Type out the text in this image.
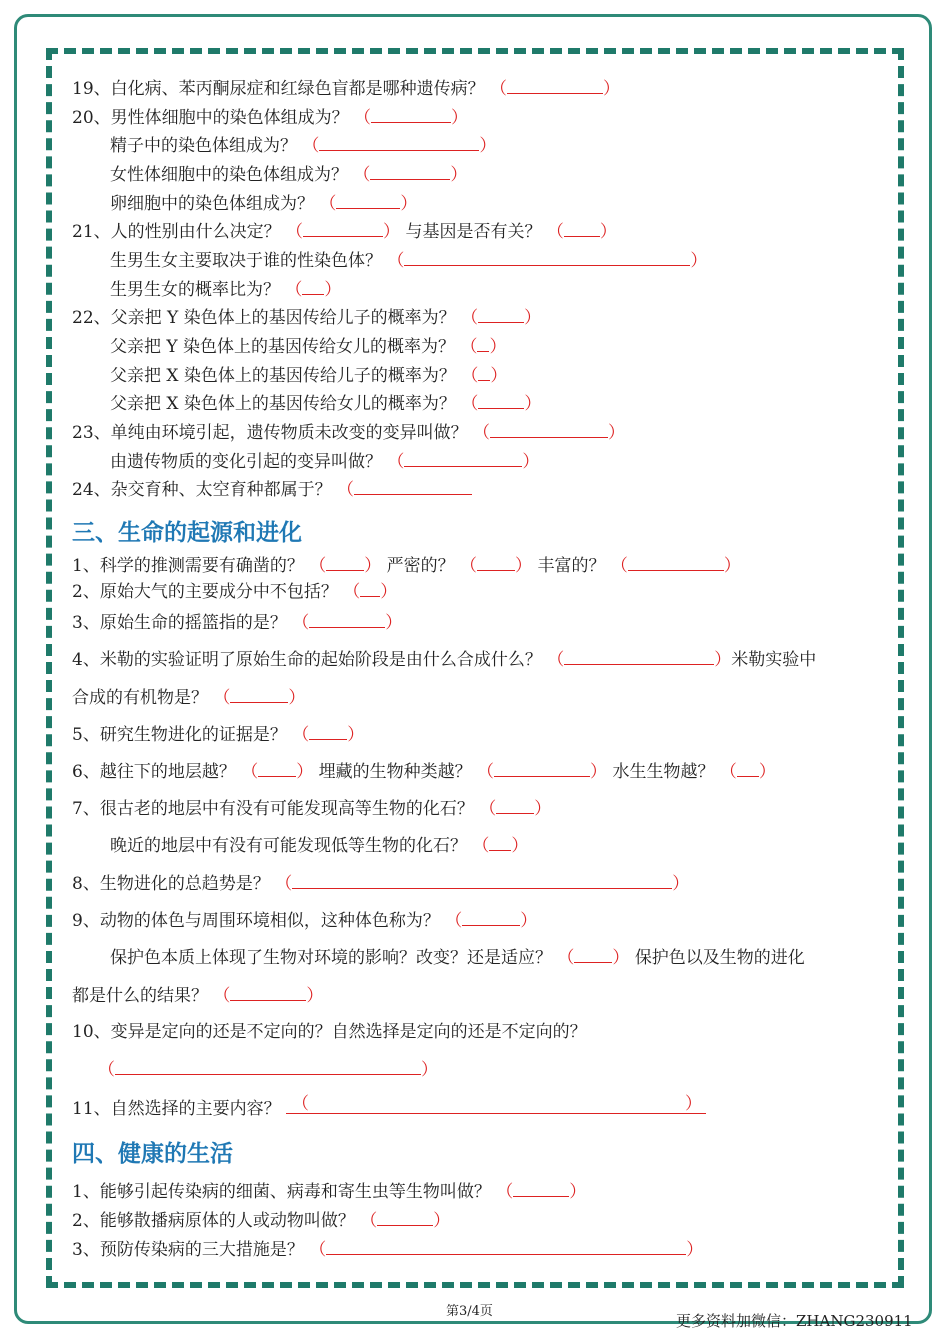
19、白化病、苯丙酮尿症和红绿色盲都是哪种遗传病？ （	）
20、男性体细胞中的染色体组成为？ （	）
精子中的染色体组成为？ （	）
女性体细胞中的染色体组成为？ （	）
卵细胞中的染色体组成为？ （	）
21、人的性别由什么决定？ （	） 与基因是否有关？ （ ）
生男生女主要取决于谁的性染色体？ （	）
生男生女的概率比为？ （ ）
22、父亲把 Y 染色体上的基因传给儿子的概率为？ （	）
父亲把 Y 染色体上的基因传给女儿的概率为？ （ ）
父亲把 X 染色体上的基因传给儿子的概率为？ （ ）
父亲把 X 染色体上的基因传给女儿的概率为？ （	）
23、单纯由环境引起，遗传物质未改变的变异叫做？ （	）
由遗传物质的变化引起的变异叫做？ （	）
24、杂交育种、太空育种都属于？ （
三、生命的起源和进化
1、科学的推测需要有确凿的？ （ ） 严密的？ （ ） 丰富的？ （	）
2、原始大气的主要成分中不包括？ （ ）
3、原始生命的摇篮指的是？ （	）
4、米勒的实验证明了原始生命的起始阶段是由什么合成什么？ （	）米勒实验中
合成的有机物是？ （	）
5、研究生物进化的证据是？ （ ）
6、越往下的地层越？ （ ） 埋藏的生物种类越？ （	） 水生生物越？ （ ）
7、很古老的地层中有没有可能发现高等生物的化石？ （ ）
晚近的地层中有没有可能发现低等生物的化石？ （ ）
8、生物进化的总趋势是？ （	）
9、动物的体色与周围环境相似，这种体色称为？ （	）
保护色本质上体现了生物对环境的影响？改变？还是适应？ （ ） 保护色以及生物的进化
都是什么的结果？ （	）
10、变异是定向的还是不定向的？自然选择是定向的还是不定向的？
（	）
11、自然选择的主要内容？ （	）
四、健康的生活
1、能够引起传染病的细菌、病毒和寄生虫等生物叫做？ （	）
2、能够散播病原体的人或动物叫做？ （	）
3、预防传染病的三大措施是？ （	）
第3/4页
更多资料加微信：ZHANG230911
